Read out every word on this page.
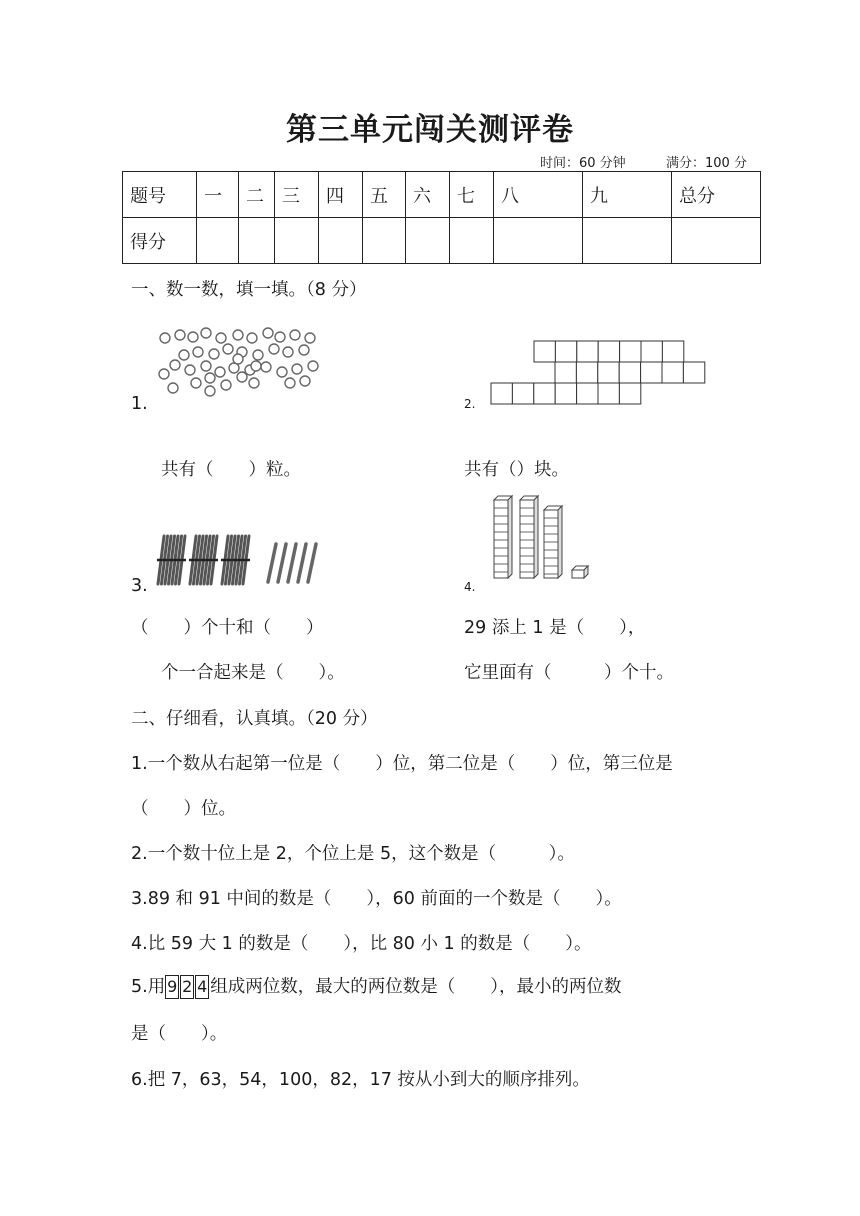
第三单元闯关测评卷
时间：60 分钟	满分：100 分
题号	一	二	三	四	五	六	七	八	九	总分
得分										
一、数一数，填一填。（8 分）
1.	2.
共有（　　）粒。	共有（）块。
3.	4.
（　　）个十和（　　）	29 添上 1 是（　　），
个一合起来是（　　）。	它里面有（　　　）个十。
二、仔细看，认真填。（20 分）
1.一个数从右起第一位是（　　）位，第二位是（　　）位，第三位是
（　　）位。
2.一个数十位上是 2，个位上是 5，这个数是（　　　）。
3.89 和 91 中间的数是（　　），60 前面的一个数是（　　）。
4.比 59 大 1 的数是（　　），比 80 小 1 的数是（　　）。
5.用 9 2 4 组成两位数，最大的两位数是（　　），最小的两位数
是（　　）。
6.把 7，63，54，100，82，17 按从小到大的顺序排列。
